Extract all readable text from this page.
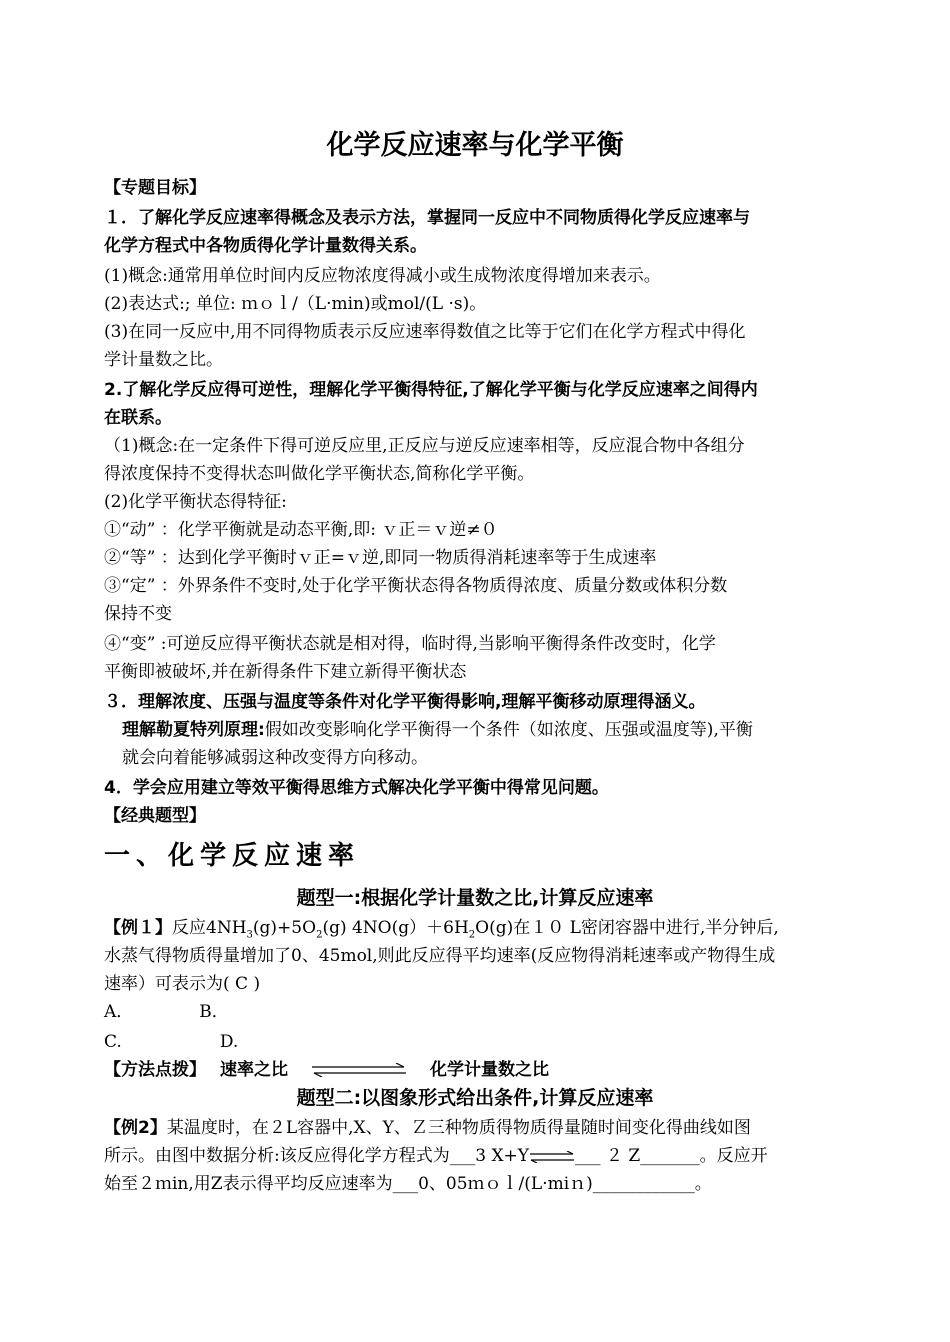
化学反应速率与化学平衡
【专题目标】
１．了解化学反应速率得概念及表示方法，掌握同一反应中不同物质得化学反应速率与
化学方程式中各物质得化学计量数得关系。
(1)概念:通常用单位时间内反应物浓度得减小或生成物浓度得增加来表示。
(2)表达式:; 单位: ｍｏｌ/（L·min)或mol/(L ·s)。
(3)在同一反应中,用不同得物质表示反应速率得数值之比等于它们在化学方程式中得化
学计量数之比。
2.了解化学反应得可逆性，理解化学平衡得特征,了解化学平衡与化学反应速率之间得内
在联系。
（1)概念:在一定条件下得可逆反应里,正反应与逆反应速率相等，反应混合物中各组分
得浓度保持不变得状态叫做化学平衡状态,简称化学平衡。
(2)化学平衡状态得特征:
①“动” ：化学平衡就是动态平衡,即: ｖ正＝ｖ逆≠０
②“等” ：达到化学平衡时ｖ正=ｖ逆,即同一物质得消耗速率等于生成速率
③“定” ：外界条件不变时,处于化学平衡状态得各物质得浓度、质量分数或体积分数
保持不变
④“变” :可逆反应得平衡状态就是相对得，临时得,当影响平衡得条件改变时，化学
平衡即被破坏,并在新得条件下建立新得平衡状态
３．理解浓度、压强与温度等条件对化学平衡得影响,理解平衡移动原理得涵义。
理解勒夏特列原理:假如改变影响化学平衡得一个条件（如浓度、压强或温度等),平衡
就会向着能够减弱这种改变得方向移动。
4．学会应用建立等效平衡得思维方式解决化学平衡中得常见问题。
【经典题型】
一、化学反应速率
题型一:根据化学计量数之比,计算反应速率
【例１】反应$4NH_3(g)+5O_2(g)$ $4NO(g)+6H_2O(g)$在１０ L密闭容器中进行,半分钟后,
水蒸气得物质得量增加了0、45mol,则此反应得平均速率(反应物得消耗速率或产物得生成
速率）可表示为( C )
A．	B．
C.	D.
【方法点拨】 速率之比	化学计量数之比
题型二:以图象形式给出条件,计算反应速率
【例2】某温度时，在２L容器中,X、Y、Ｚ三种物质得物质得量随时间变化得曲线如图
所示。由图中数据分析:该反应得化学方程式为___3 X+Y⇌___ ２ Z_______。反应开
始至２ｍin,用Z表示得平均反应速率为___0、05ｍｏｌ/(L·miｎ)____________。
